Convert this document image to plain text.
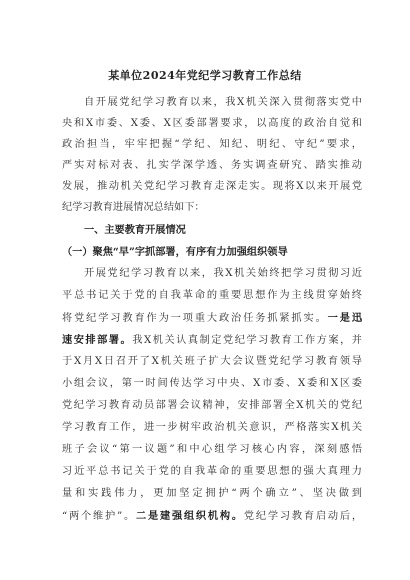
某单位2024年党纪学习教育工作总结
自开展党纪学习教育以来，我X机关深入贯彻落实党中
央和X市委、X委、X区委部署要求，以高度的政治自觉和
政治担当，牢牢把握“学纪、知纪、明纪、守纪”要求，
严实对标对表、扎实学深学透、务实调查研究、踏实推动
发展，推动机关党纪学习教育走深走实。现将X以来开展党
纪学习教育进展情况总结如下：
一、主要教育开展情况
（一）聚焦“早”字抓部署，有序有力加强组织领导
开展党纪学习教育以来，我X机关始终把学习贯彻习近
平总书记关于党的自我革命的重要思想作为主线贯穿始终
将党纪学习教育作为一项重大政治任务抓紧抓实。一是迅
速安排部署。我X机关认真制定党纪学习教育工作方案，并
于X月X日召开了X机关班子扩大会议暨党纪学习教育领导
小组会议，第一时间传达学习中央、X市委、X委和X区委
党纪学习教育动员部署会议精神，安排部署全X机关的党纪
学习教育工作，进一步树牢政治机关意识，严格落实X机关
班子会议“第一议题”和中心组学习核心内容，深刻感悟
习近平总书记关于党的自我革命的重要思想的强大真理力
量和实践伟力，更加坚定拥护“两个确立”、坚决做到
“两个维护”。二是建强组织机构。党纪学习教育启动后，
